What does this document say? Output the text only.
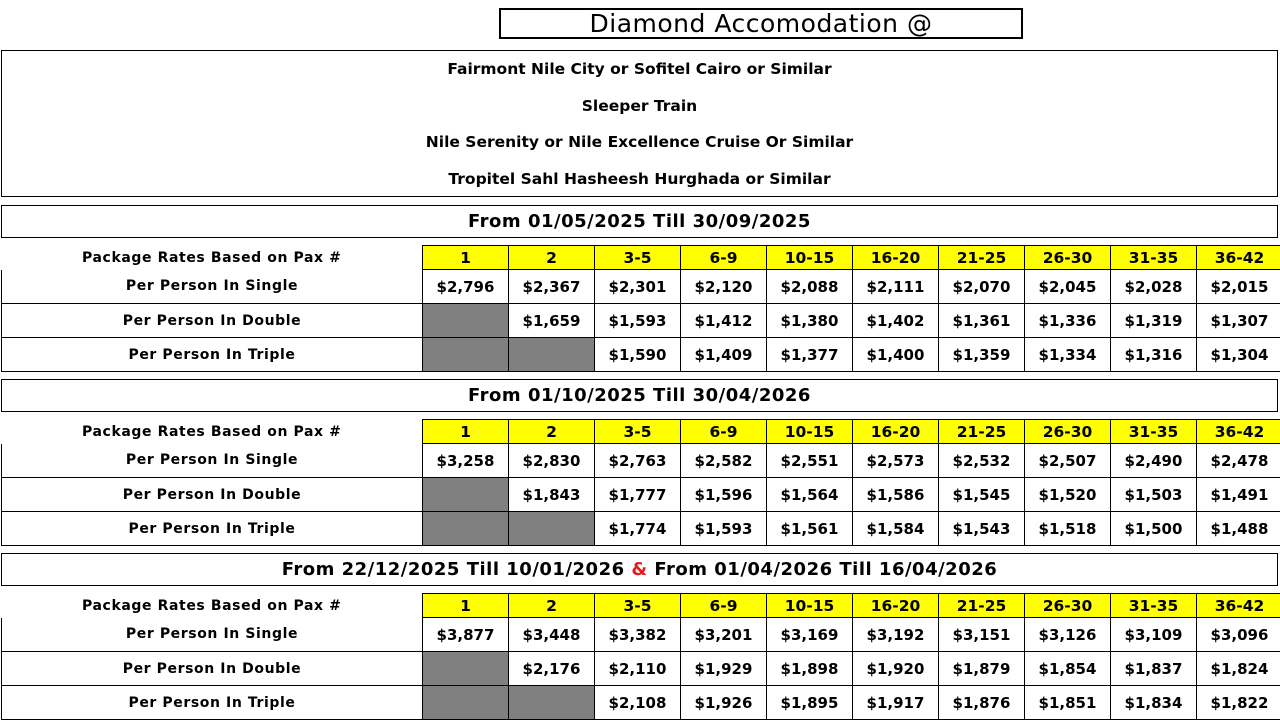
Diamond Accomodation @
Fairmont Nile City or Sofitel Cairo or Similar
Sleeper Train
Nile Serenity or Nile Excellence Cruise Or Similar
Tropitel Sahl Hasheesh Hurghada or Similar
From 01/05/2025 Till 30/09/2025
Package Rates Based on Pax #	1	2	3-5	6-9	10-15	16-20	21-25	26-30	31-35	36-42
Per Person In Single	$2,796	$2,367	$2,301	$2,120	$2,088	$2,111	$2,070	$2,045	$2,028	$2,015
Per Person In Double		$1,659	$1,593	$1,412	$1,380	$1,402	$1,361	$1,336	$1,319	$1,307
Per Person In Triple			$1,590	$1,409	$1,377	$1,400	$1,359	$1,334	$1,316	$1,304
From 01/10/2025 Till 30/04/2026
Package Rates Based on Pax #	1	2	3-5	6-9	10-15	16-20	21-25	26-30	31-35	36-42
Per Person In Single	$3,258	$2,830	$2,763	$2,582	$2,551	$2,573	$2,532	$2,507	$2,490	$2,478
Per Person In Double		$1,843	$1,777	$1,596	$1,564	$1,586	$1,545	$1,520	$1,503	$1,491
Per Person In Triple			$1,774	$1,593	$1,561	$1,584	$1,543	$1,518	$1,500	$1,488
From 22/12/2025 Till 10/01/2026 & From 01/04/2026 Till 16/04/2026
Package Rates Based on Pax #	1	2	3-5	6-9	10-15	16-20	21-25	26-30	31-35	36-42
Per Person In Single	$3,877	$3,448	$3,382	$3,201	$3,169	$3,192	$3,151	$3,126	$3,109	$3,096
Per Person In Double		$2,176	$2,110	$1,929	$1,898	$1,920	$1,879	$1,854	$1,837	$1,824
Per Person In Triple			$2,108	$1,926	$1,895	$1,917	$1,876	$1,851	$1,834	$1,822
